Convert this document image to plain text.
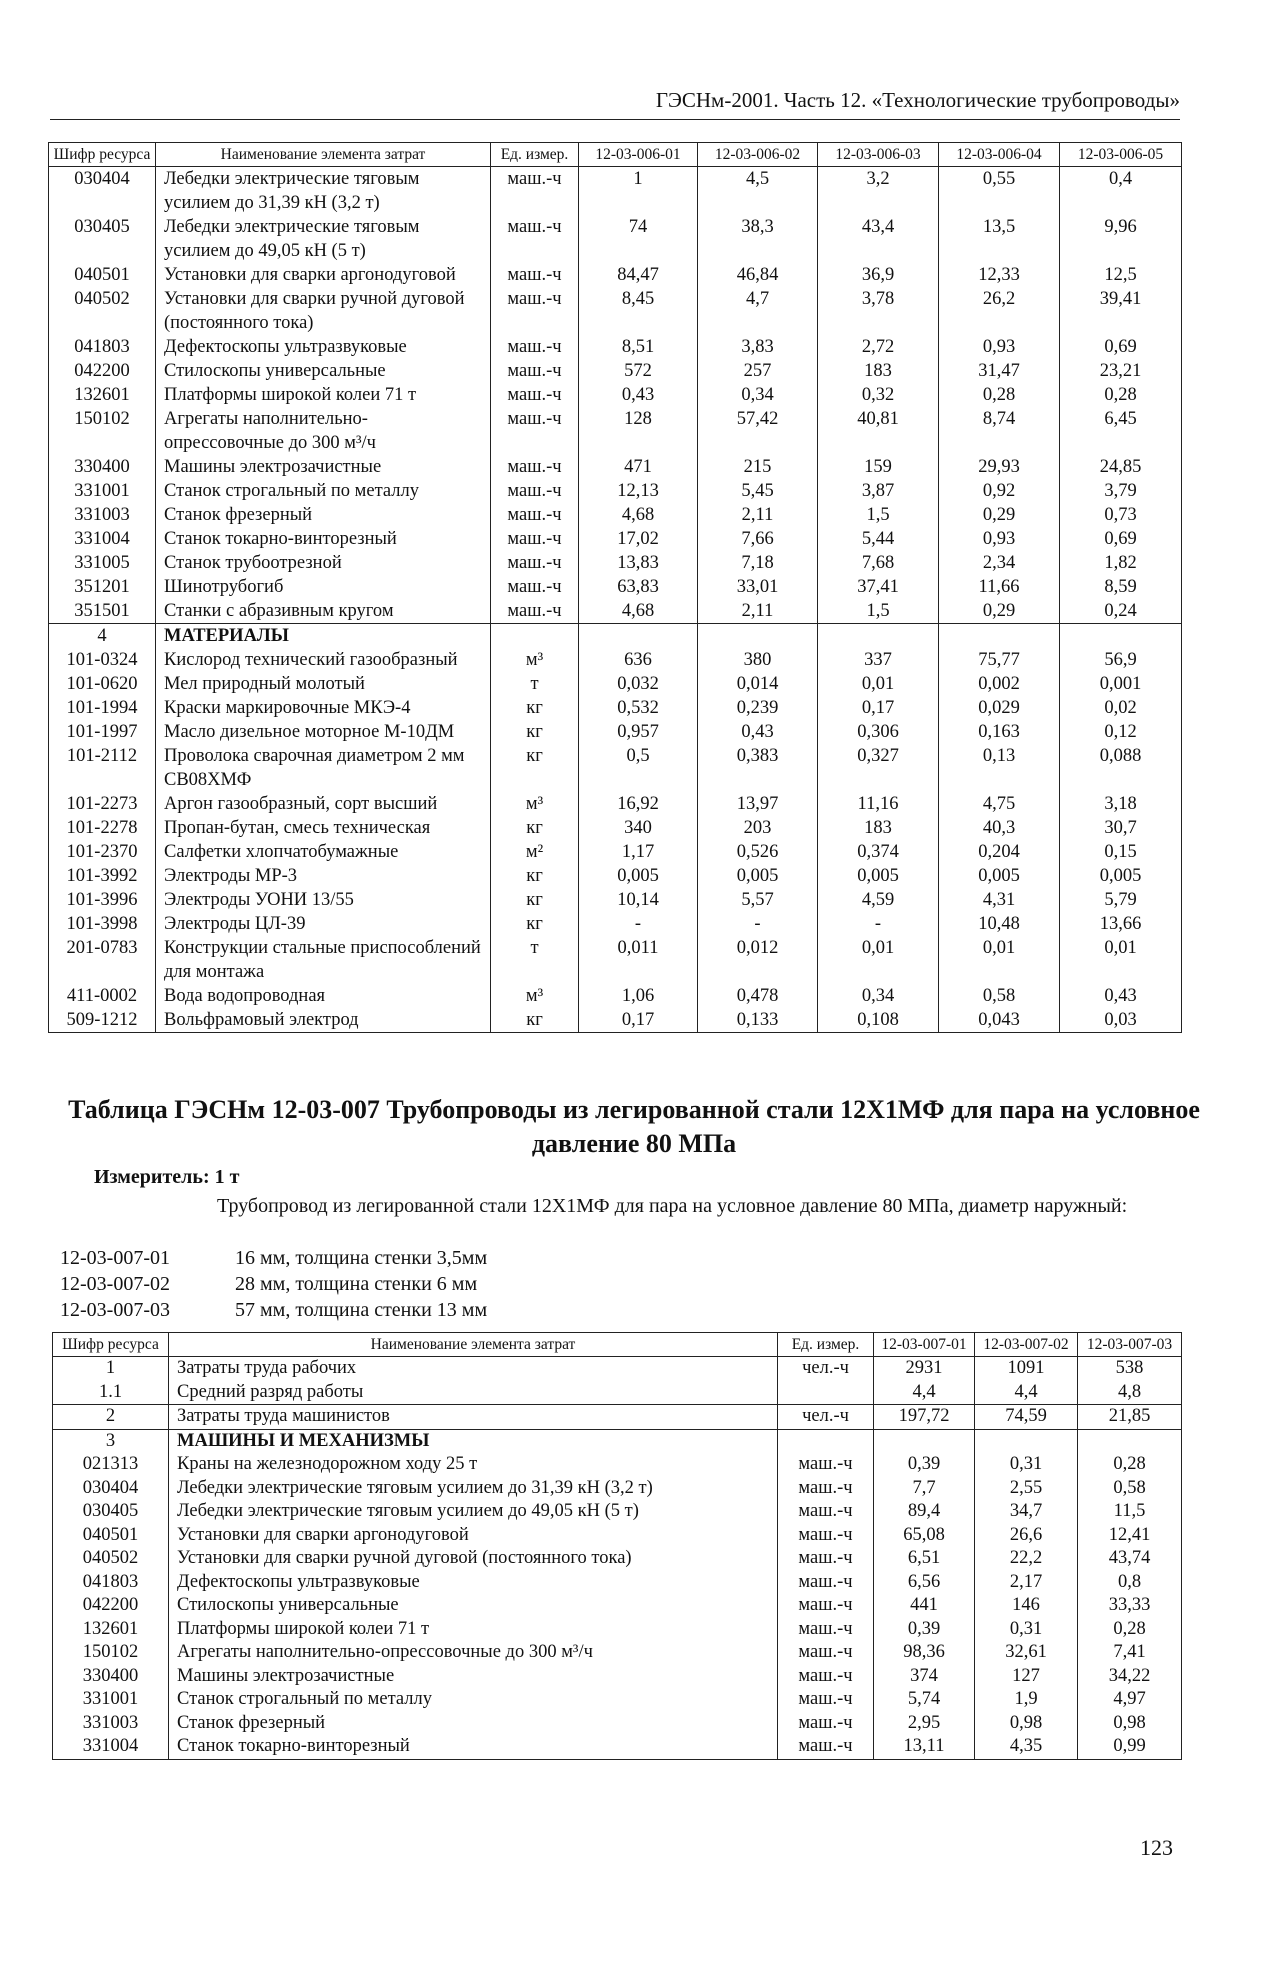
ГЭСНм-2001. Часть 12. «Технологические трубопроводы»
Шифр ресурса	Наименование элемента затрат	Ед. измер.	12-03-006-01	12-03-006-02	12-03-006-03	12-03-006-04	12-03-006-05
030404	Лебедки электрические тяговым усилием до 31,39 кН (3,2 т)	маш.-ч	1	4,5	3,2	0,55	0,4
030405	Лебедки электрические тяговым усилием до 49,05 кН (5 т)	маш.-ч	74	38,3	43,4	13,5	9,96
040501	Установки для сварки аргонодуговой	маш.-ч	84,47	46,84	36,9	12,33	12,5
040502	Установки для сварки ручной дуговой (постоянного тока)	маш.-ч	8,45	4,7	3,78	26,2	39,41
041803	Дефектоскопы ультразвуковые	маш.-ч	8,51	3,83	2,72	0,93	0,69
042200	Стилоскопы универсальные	маш.-ч	572	257	183	31,47	23,21
132601	Платформы широкой колеи 71 т	маш.-ч	0,43	0,34	0,32	0,28	0,28
150102	Агрегаты наполнительно-опрессовочные до 300 м³/ч	маш.-ч	128	57,42	40,81	8,74	6,45
330400	Машины электрозачистные	маш.-ч	471	215	159	29,93	24,85
331001	Станок строгальный по металлу	маш.-ч	12,13	5,45	3,87	0,92	3,79
331003	Станок фрезерный	маш.-ч	4,68	2,11	1,5	0,29	0,73
331004	Станок токарно-винторезный	маш.-ч	17,02	7,66	5,44	0,93	0,69
331005	Станок трубоотрезной	маш.-ч	13,83	7,18	7,68	2,34	1,82
351201	Шинотрубогиб	маш.-ч	63,83	33,01	37,41	11,66	8,59
351501	Станки с абразивным кругом	маш.-ч	4,68	2,11	1,5	0,29	0,24
4	МАТЕРИАЛЫ						
101-0324	Кислород технический газообразный	м³	636	380	337	75,77	56,9
101-0620	Мел природный молотый	т	0,032	0,014	0,01	0,002	0,001
101-1994	Краски маркировочные МКЭ-4	кг	0,532	0,239	0,17	0,029	0,02
101-1997	Масло дизельное моторное М-10ДМ	кг	0,957	0,43	0,306	0,163	0,12
101-2112	Проволока сварочная диаметром 2 мм СВ08ХМФ	кг	0,5	0,383	0,327	0,13	0,088
101-2273	Аргон газообразный, сорт высший	м³	16,92	13,97	11,16	4,75	3,18
101-2278	Пропан-бутан, смесь техническая	кг	340	203	183	40,3	30,7
101-2370	Салфетки хлопчатобумажные	м²	1,17	0,526	0,374	0,204	0,15
101-3992	Электроды МР-3	кг	0,005	0,005	0,005	0,005	0,005
101-3996	Электроды УОНИ 13/55	кг	10,14	5,57	4,59	4,31	5,79
101-3998	Электроды ЦЛ-39	кг	-	-	-	10,48	13,66
201-0783	Конструкции стальные приспособлений для монтажа	т	0,011	0,012	0,01	0,01	0,01
411-0002	Вода водопроводная	м³	1,06	0,478	0,34	0,58	0,43
509-1212	Вольфрамовый электрод	кг	0,17	0,133	0,108	0,043	0,03
Таблица ГЭСНм 12-03-007 Трубопроводы из легированной стали 12Х1МФ для пара на условное давление 80 МПа
Измеритель: 1 т
Трубопровод из легированной стали 12Х1МФ для пара на условное давление 80 МПа, диаметр наружный:
12-03-007-01	16 мм, толщина стенки 3,5мм
12-03-007-02	28 мм, толщина стенки 6 мм
12-03-007-03	57 мм, толщина стенки 13 мм
Шифр ресурса	Наименование элемента затрат	Ед. измер.	12-03-007-01	12-03-007-02	12-03-007-03
1	Затраты труда рабочих	чел.-ч	2931	1091	538
1.1	Средний разряд работы		4,4	4,4	4,8
2	Затраты труда машинистов	чел.-ч	197,72	74,59	21,85
3	МАШИНЫ И МЕХАНИЗМЫ				
021313	Краны на железнодорожном ходу 25 т	маш.-ч	0,39	0,31	0,28
030404	Лебедки электрические тяговым усилием до 31,39 кН (3,2 т)	маш.-ч	7,7	2,55	0,58
030405	Лебедки электрические тяговым усилием до 49,05 кН (5 т)	маш.-ч	89,4	34,7	11,5
040501	Установки для сварки аргонодуговой	маш.-ч	65,08	26,6	12,41
040502	Установки для сварки ручной дуговой (постоянного тока)	маш.-ч	6,51	22,2	43,74
041803	Дефектоскопы ультразвуковые	маш.-ч	6,56	2,17	0,8
042200	Стилоскопы универсальные	маш.-ч	441	146	33,33
132601	Платформы широкой колеи 71 т	маш.-ч	0,39	0,31	0,28
150102	Агрегаты наполнительно-опрессовочные до 300 м³/ч	маш.-ч	98,36	32,61	7,41
330400	Машины электрозачистные	маш.-ч	374	127	34,22
331001	Станок строгальный по металлу	маш.-ч	5,74	1,9	4,97
331003	Станок фрезерный	маш.-ч	2,95	0,98	0,98
331004	Станок токарно-винторезный	маш.-ч	13,11	4,35	0,99
123
